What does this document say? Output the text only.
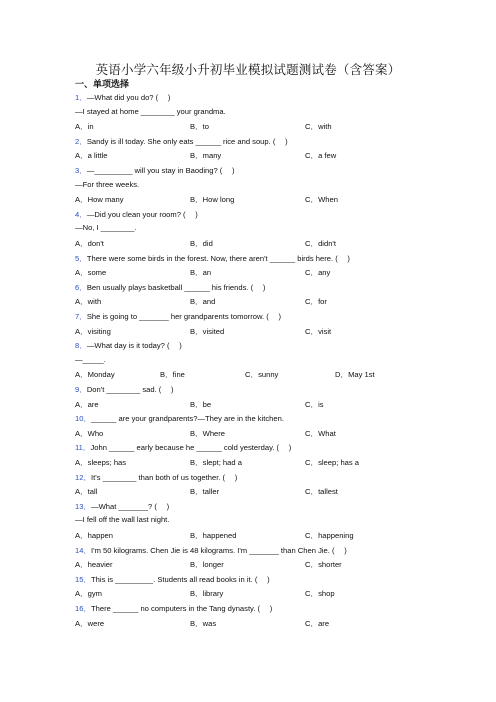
英语小学六年级小升初毕业模拟试题测试卷（含答案）
一、单项选择
1．—What did you do? (　 )
—I stayed at home ________ your grandma.
A．in	B．to	C．with
2．Sandy is ill today. She only eats ______ rice and soup. (　 )
A．a little	B．many	C．a few
3．—_________ will you stay in Baoding? (　 )
—For three weeks.
A．How many	B．How long	C．When
4．—Did you clean your room? (　 )
—No, I ________.
A．don't	B．did	C．didn't
5．There were some birds in the forest. Now, there aren't ______ birds here. (　 )
A．some	B．an	C．any
6．Ben usually plays basketball ______ his friends. (　 )
A．with	B．and	C．for
7．She is going to _______ her grandparents tomorrow. (　 )
A．visiting	B．visited	C．visit
8．—What day is it today? (　 )
—_____.
A．Monday	B．fine	C．sunny	D．May 1st
9．Don't ________ sad. (　 )
A．are	B．be	C．is
10．______ are your grandparents?—They are in the kitchen.
A．Who	B．Where	C．What
11．John ______ early because he ______ cold yesterday. (　 )
A．sleeps; has	B．slept; had a	C．sleep; has a
12．It's ________ than both of us together. (　 )
A．tall	B．taller	C．tallest
13．—What _______? (　 )
—I fell off the wall last night.
A．happen	B．happened	C．happening
14．I'm 50 kilograms. Chen Jie is 48 kilograms. I'm _______ than Chen Jie. (　 )
A．heavier	B．longer	C．shorter
15．This is _________. Students all read books in it. (　 )
A．gym	B．library	C．shop
16．There ______ no computers in the Tang dynasty. (　 )
A．were	B．was	C．are
